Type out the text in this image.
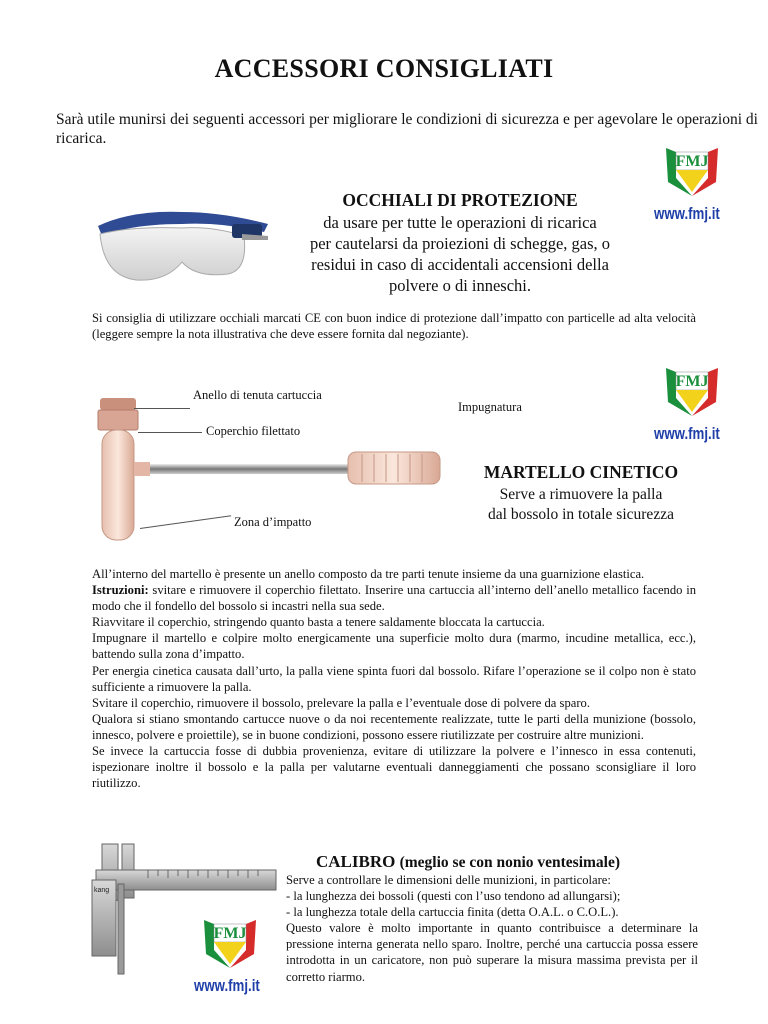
ACCESSORI CONSIGLIATI
Sarà utile munirsi dei seguenti accessori per migliorare le condizioni di sicurezza e per agevolare le operazioni di ricarica.
FMJ
www.fmj.it
OCCHIALI DI PROTEZIONE
da usare per tutte le operazioni di ricarica
per cautelarsi da proiezioni di schegge, gas, o
residui in caso di accidentali accensioni della
polvere o di inneschi.
Si consiglia di utilizzare occhiali marcati CE con buon indice di protezione dall’impatto con particelle ad alta velocità (leggere sempre la nota illustrativa che deve essere fornita dal negoziante).
FMJ
www.fmj.it
Anello di tenuta cartuccia
Impugnatura
Coperchio filettato
Zona d’impatto
MARTELLO CINETICO
Serve a rimuovere la palla
dal bossolo in totale sicurezza

All’interno del martello è presente un anello composto da tre parti tenute insieme da una guarnizione elastica.

Istruzioni: svitare e rimuovere il coperchio filettato. Inserire una cartuccia all’interno dell’anello metallico facendo in modo che il fondello del bossolo si incastri nella sua sede.

Riavvitare il coperchio, stringendo quanto basta a tenere saldamente bloccata la cartuccia.

Impugnare il martello e colpire molto energicamente una superficie molto dura (marmo, incudine metallica, ecc.), battendo sulla zona d’impatto.

Per energia cinetica causata dall’urto, la palla viene spinta fuori dal bossolo. Rifare l’operazione se il colpo non è stato sufficiente a rimuovere la palla.

Svitare il coperchio, rimuovere il bossolo, prelevare la palla e l’eventuale dose di polvere da sparo.

Qualora si stiano smontando cartucce nuove o da noi recentemente realizzate, tutte le parti della munizione (bossolo, innesco, polvere e proiettile), se in buone condizioni, possono essere riutilizzate per costruire altre munizioni.

Se invece la cartuccia fosse di dubbia provenienza, evitare di utilizzare la polvere e l’innesco in essa contenuti, ispezionare inoltre il bossolo e la palla per valutarne eventuali danneggiamenti che possano sconsigliare il loro riutilizzo.

kang
FMJ
www.fmj.it
CALIBRO (meglio se con nonio ventesimale)

Serve a controllare le dimensioni delle munizioni, in particolare:

- la lunghezza dei bossoli (questi con l’uso tendono ad allungarsi);

- la lunghezza totale della cartuccia finita (detta O.A.L. o C.O.L.).

Questo valore è molto importante in quanto contribuisce a determinare la pressione interna generata nello sparo. Inoltre, perché una cartuccia possa essere introdotta in un caricatore, non può superare la misura massima prevista per il corretto riarmo.
